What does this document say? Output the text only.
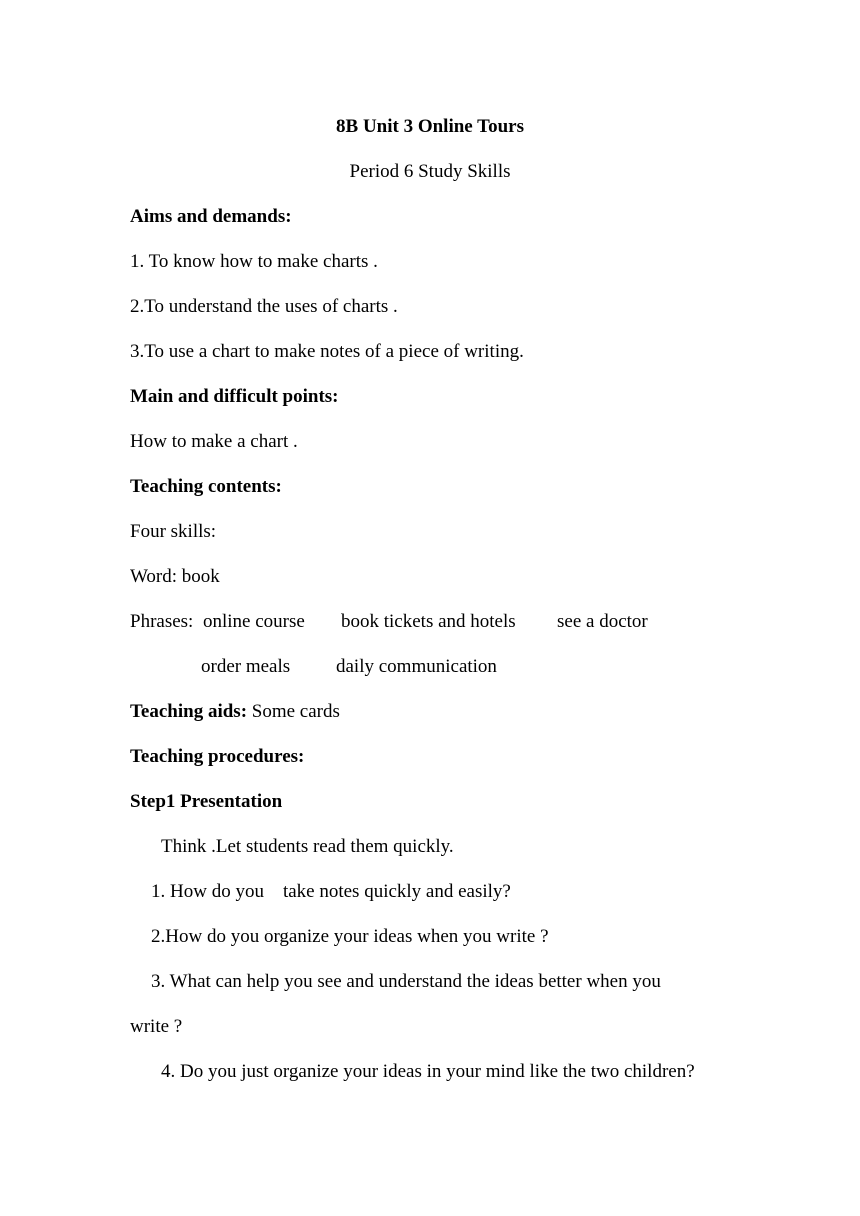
8B Unit 3 Online Tours
Period 6 Study Skills
Aims and demands:
1. To know how to make charts .
2.To understand the uses of charts .
3.To use a chart to make notes of a piece of writing.
Main and difficult points:
How to make a chart .
Teaching contents:
Four skills:
Word: book
Phrases: online course book tickets and hotels see a doctor
order meals daily communication
Teaching aids: Some cards
Teaching procedures:
Step1 Presentation
Think .Let students read them quickly.
1. How do you    take notes quickly and easily?
2.How do you organize your ideas when you write ?
3. What can help you see and understand the ideas better when you
write ?
4. Do you just organize your ideas in your mind like the two children?
